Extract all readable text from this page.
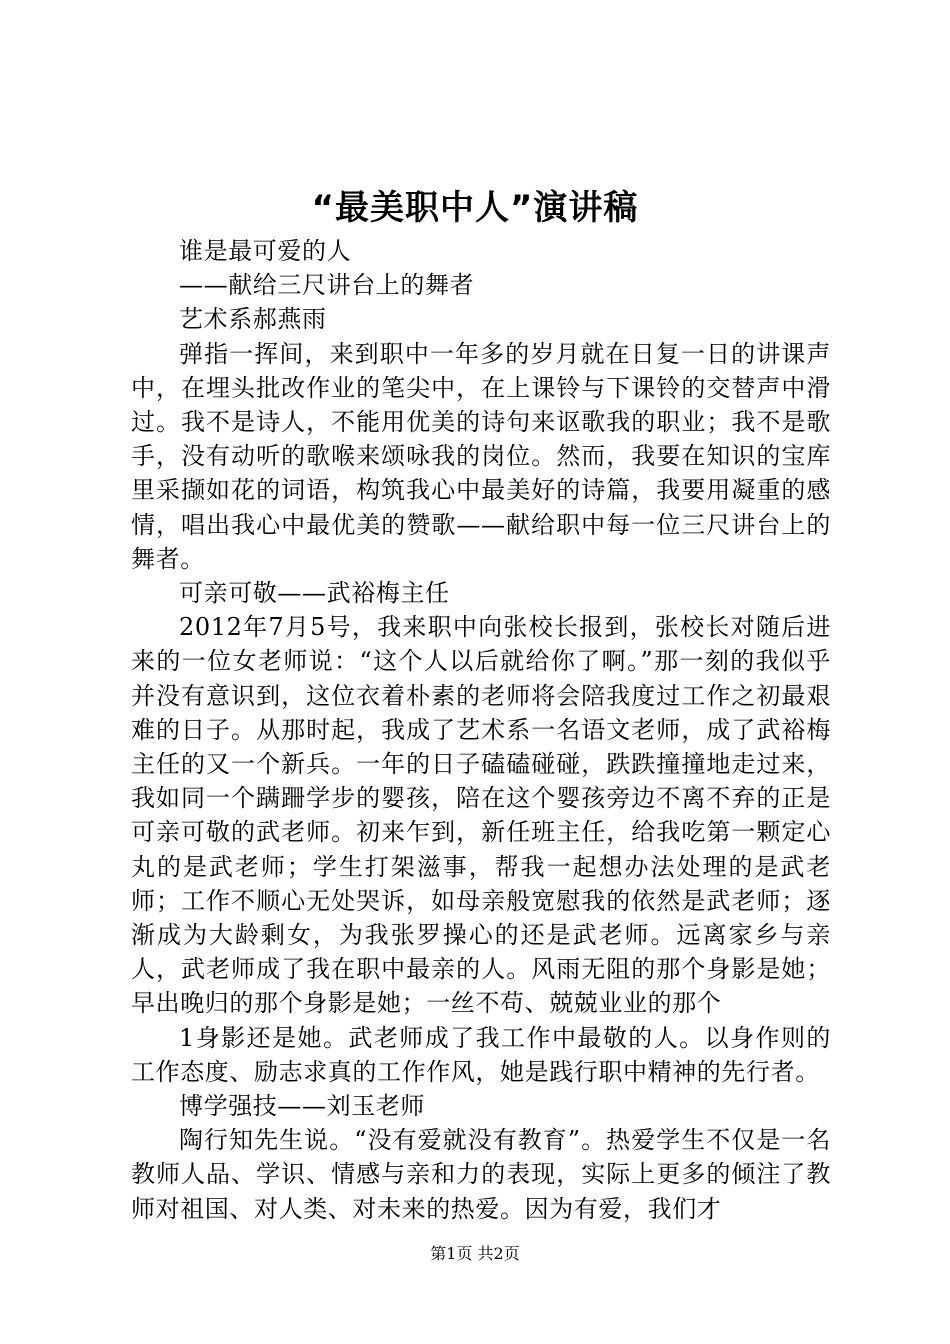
“最美职中人”演讲稿

谁是最可爱的人

——献给三尺讲台上的舞者

艺术系郝燕雨

弹指一挥间，来到职中一年多的岁月就在日复一日的讲课声中，在埋头批改作业的笔尖中，在上课铃与下课铃的交替声中滑过。我不是诗人，不能用优美的诗句来讴歌我的职业；我不是歌手，没有动听的歌喉来颂咏我的岗位。然而，我要在知识的宝库里采撷如花的词语，构筑我心中最美好的诗篇，我要用凝重的感情，唱出我心中最优美的赞歌——献给职中每一位三尺讲台上的舞者。

可亲可敬——武裕梅主任

2012年7月5号，我来职中向张校长报到，张校长对随后进来的一位女老师说：“这个人以后就给你了啊。”那一刻的我似乎并没有意识到，这位衣着朴素的老师将会陪我度过工作之初最艰难的日子。从那时起，我成了艺术系一名语文老师，成了武裕梅主任的又一个新兵。一年的日子磕磕碰碰，跌跌撞撞地走过来，我如同一个蹒跚学步的婴孩，陪在这个婴孩旁边不离不弃的正是可亲可敬的武老师。初来乍到，新任班主任，给我吃第一颗定心丸的是武老师；学生打架滋事，帮我一起想办法处理的是武老师；工作不顺心无处哭诉，如母亲般宽慰我的依然是武老师；逐渐成为大龄剩女，为我张罗操心的还是武老师。远离家乡与亲人，武老师成了我在职中最亲的人。风雨无阻的那个身影是她；早出晚归的那个身影是她；一丝不苟、兢兢业业的那个

1身影还是她。武老师成了我工作中最敬的人。以身作则的工作态度、励志求真的工作作风，她是践行职中精神的先行者。

博学强技——刘玉老师

陶行知先生说。“没有爱就没有教育”。热爱学生不仅是一名教师人品、学识、情感与亲和力的表现，实际上更多的倾注了教师对祖国、对人类、对未来的热爱。因为有爱，我们才

第1页 共2页
